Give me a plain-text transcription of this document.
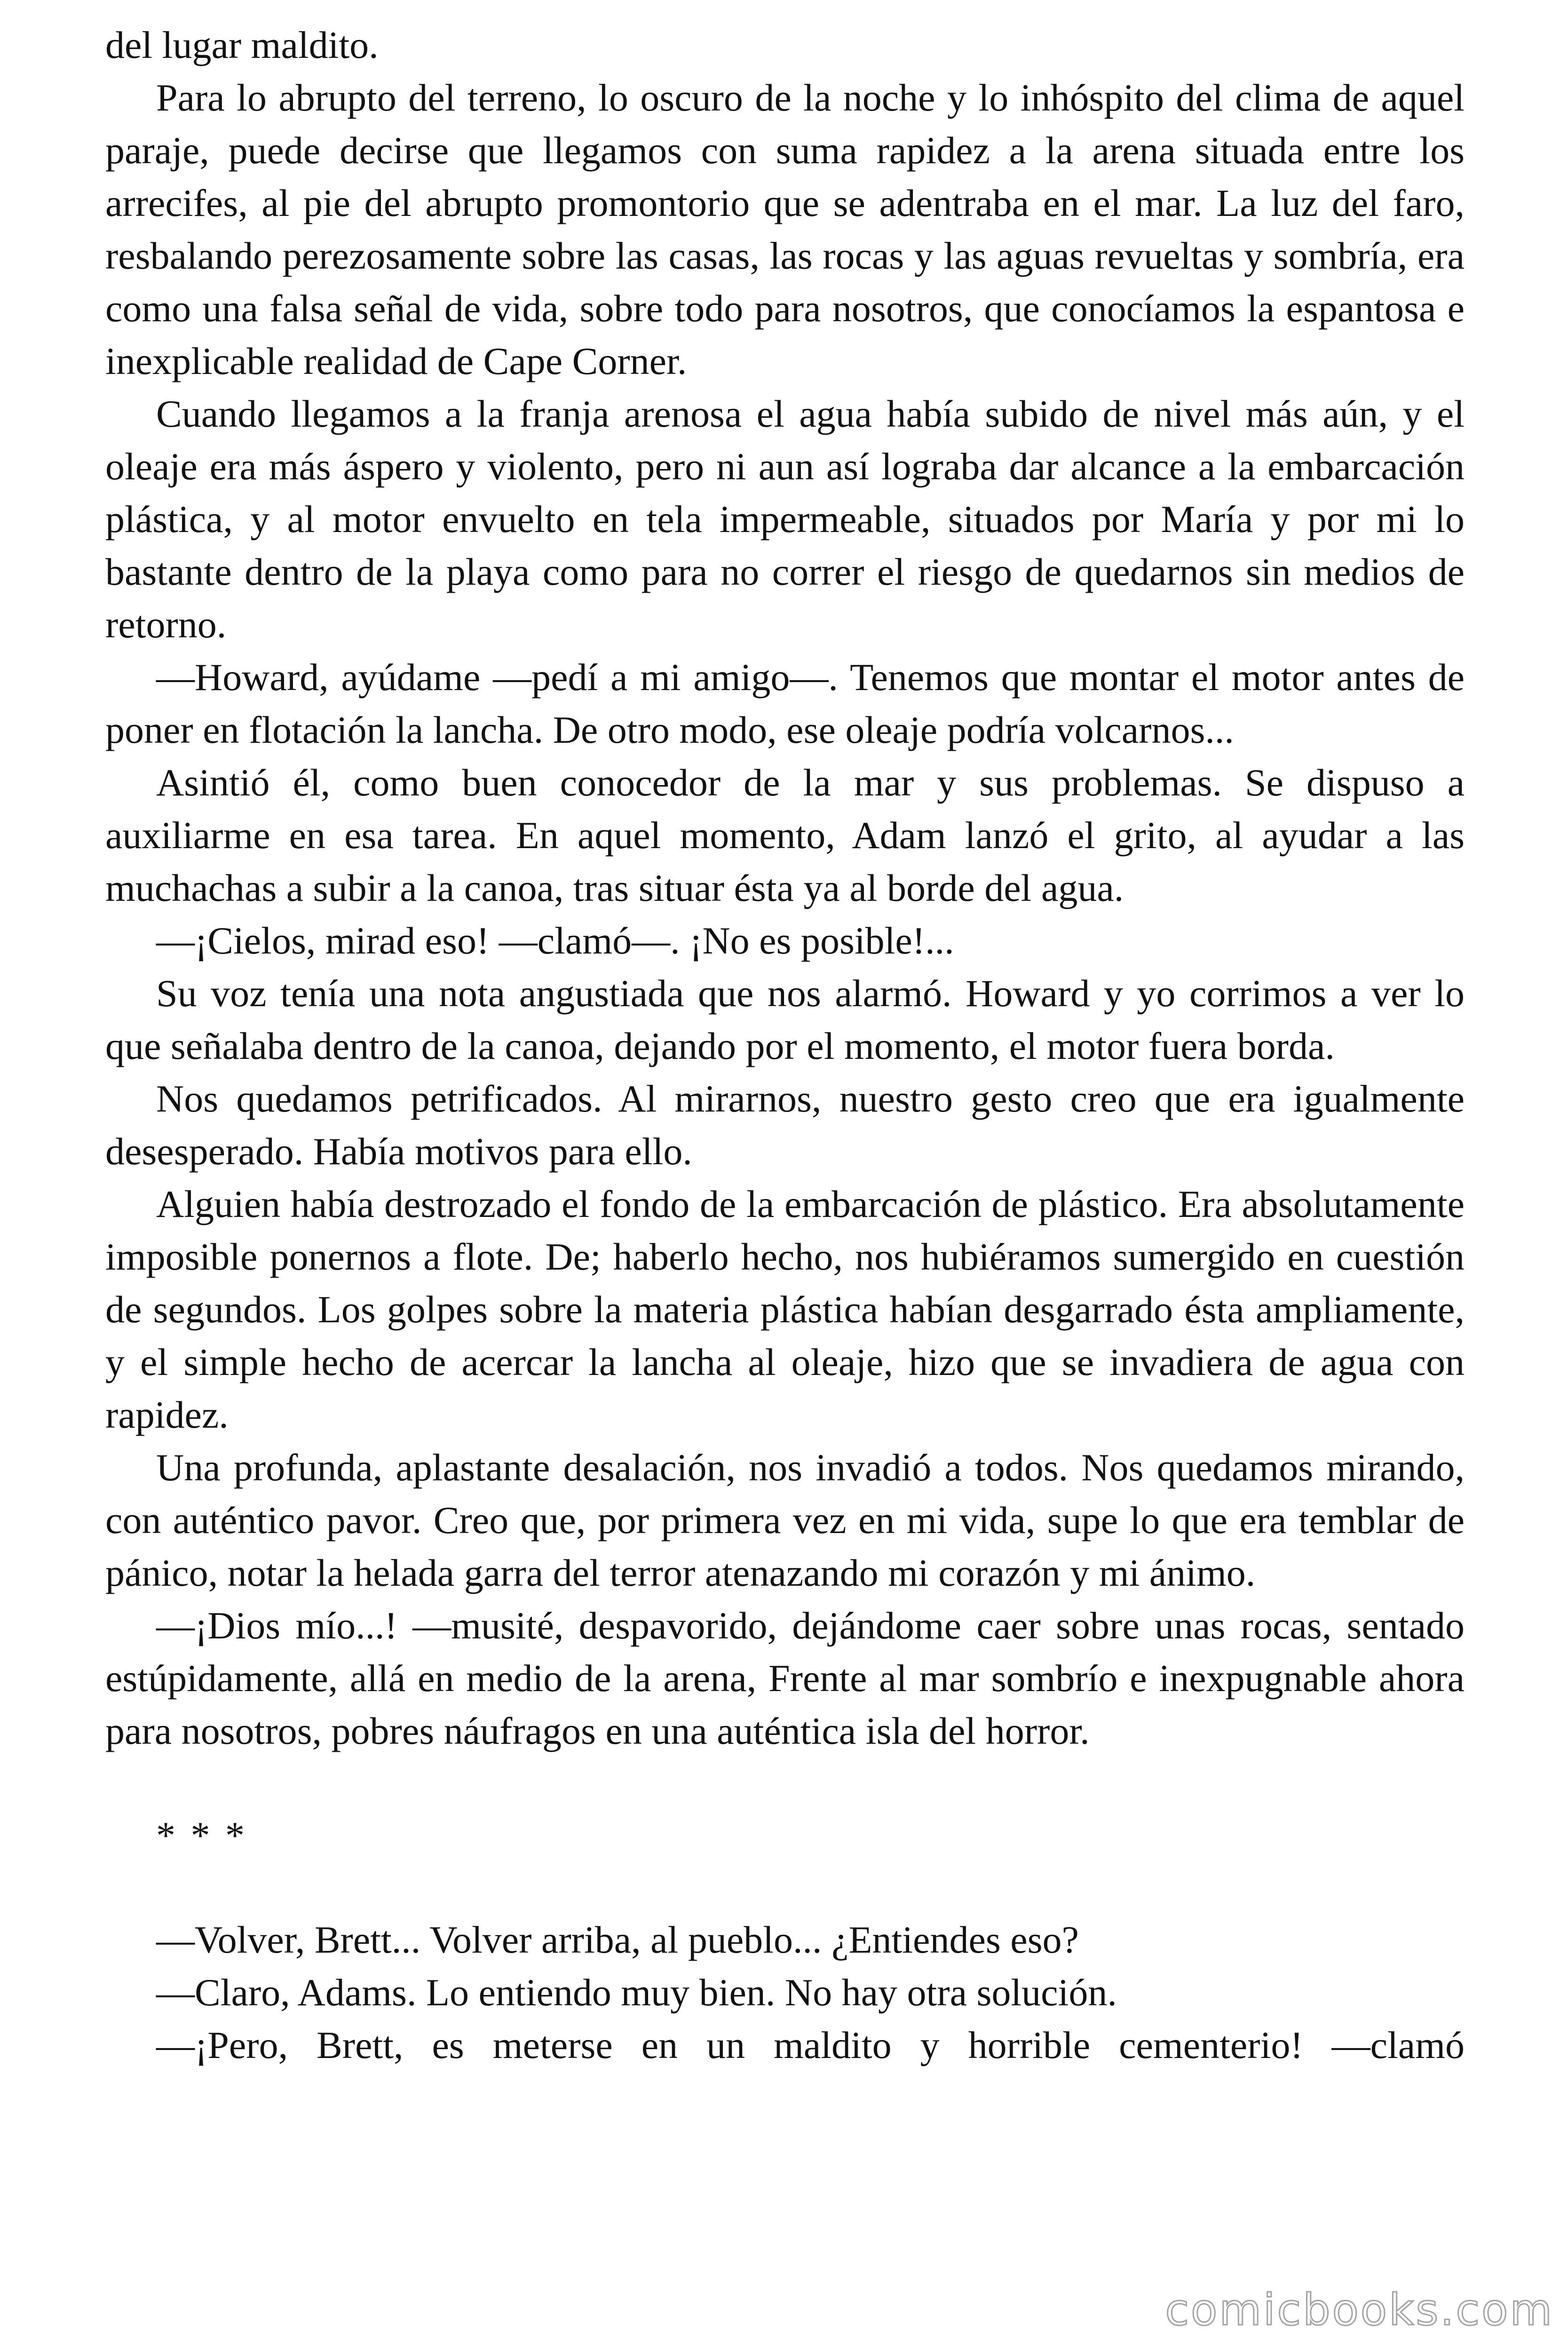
del lugar maldito.

Para lo abrupto del terreno, lo oscuro de la noche y lo inhóspito del clima de aquel paraje, puede decirse que llegamos con suma rapidez a la arena situada entre los arrecifes, al pie del abrupto promontorio que se adentraba en el mar. La luz del faro, resbalando perezosamente sobre las casas, las rocas y las aguas revueltas y sombría, era como una falsa señal de vida, sobre todo para nosotros, que conocíamos la espantosa e inexplicable realidad de Cape Corner.

Cuando llegamos a la franja arenosa el agua había subido de nivel más aún, y el oleaje era más áspero y violento, pero ni aun así lograba dar alcance a la embarcación plástica, y al motor envuelto en tela impermeable, situados por María y por mi lo bastante dentro de la playa como para no correr el riesgo de quedarnos sin medios de retorno.

—Howard, ayúdame —pedí a mi amigo—. Tenemos que montar el motor antes de poner en flotación la lancha. De otro modo, ese oleaje podría volcarnos...

Asintió él, como buen conocedor de la mar y sus problemas. Se dispuso a auxiliarme en esa tarea. En aquel momento, Adam lanzó el grito, al ayudar a las muchachas a subir a la canoa, tras situar ésta ya al borde del agua.

—¡Cielos, mirad eso! —clamó—. ¡No es posible!...

Su voz tenía una nota angustiada que nos alarmó. Howard y yo corrimos a ver lo que señalaba dentro de la canoa, dejando por el momento, el motor fuera borda.

Nos quedamos petrificados. Al mirarnos, nuestro gesto creo que era igualmente desesperado. Había motivos para ello.

Alguien había destrozado el fondo de la embarcación de plástico. Era absolutamente imposible ponernos a flote. De; haberlo hecho, nos hubiéramos sumergido en cuestión de segundos. Los golpes sobre la materia plástica habían desgarrado ésta ampliamente, y el simple hecho de acercar la lancha al oleaje, hizo que se invadiera de agua con rapidez.

Una profunda, aplastante desalación, nos invadió a todos. Nos quedamos mirando, con auténtico pavor. Creo que, por primera vez en mi vida, supe lo que era temblar de pánico, notar la helada garra del terror atenazando mi corazón y mi ánimo.

—¡Dios mío...! —musité, despavorido, dejándome caer sobre unas rocas, sentado estúpidamente, allá en medio de la arena, Frente al mar sombrío e inexpugnable ahora para nosotros, pobres náufragos en una auténtica isla del horror.

* * *

—Volver, Brett... Volver arriba, al pueblo... ¿Entiendes eso?

—Claro, Adams. Lo entiendo muy bien. No hay otra solución.

—¡Pero, Brett, es meterse en un maldito y horrible cementerio! —clamó

comicbooks.com
